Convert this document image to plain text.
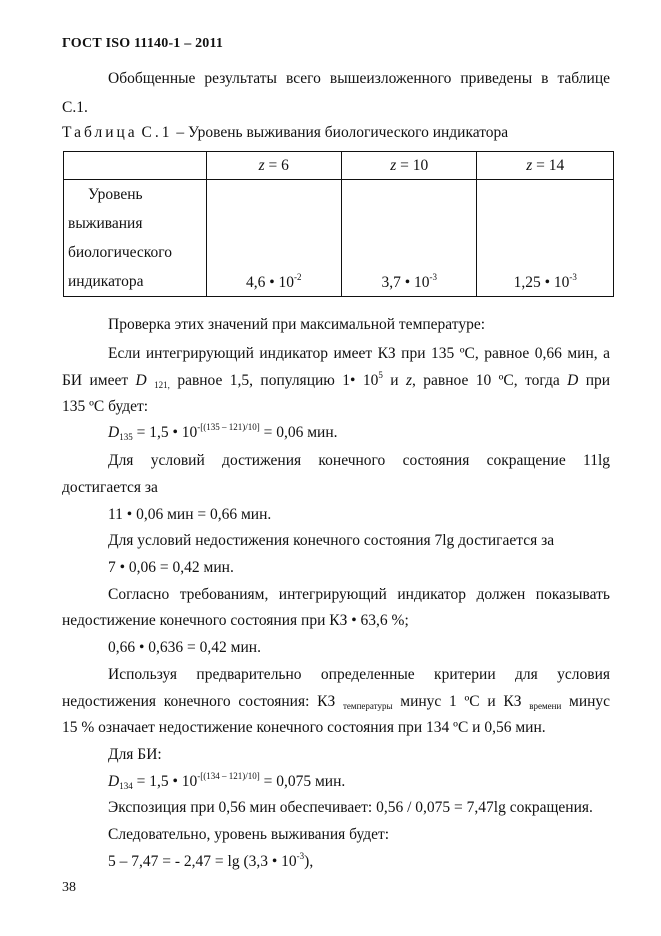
ГОСТ ISO 11140-1 – 2011
Обобщенные результаты всего вышеизложенного приведены в таблице
С.1.
Таблица С.1 – Уровень выживания биологического индикатора
	z = 6	z = 10	z = 14

Уровень
выживания
биологического
индикатора	4,6 • $10^{-2}$	3,7 • $10^{-3}$	1,25 • $10^{-3}$
Проверка этих значений при максимальной температуре:
Если интегрирующий индикатор имеет КЗ при 135 ºС, равное 0,66 мин, а
БИ имеет D $_{121,}$ равное 1,5, популяцию 1• $10^5$ и z, равное 10 ºС, тогда D при
135 ºС будет:
$D_{135} = 1,5$ • $10^{-[(135 - 121)/10]} = 0,06$ мин.
Для условий достижения конечного состояния сокращение 11lg
достигается за
11 • 0,06 мин = 0,66 мин.
Для условий недостижения конечного состояния 7lg достигается за
7 • 0,06 = 0,42 мин.
Согласно требованиям, интегрирующий индикатор должен показывать
недостижение конечного состояния при КЗ • 63,6 %;
0,66 • 0,636 = 0,42 мин.
Используя предварительно определенные критерии для условия
недостижения конечного состояния: КЗ $_{температуры}$ минус 1 ºС и КЗ $_{времени}$ минус
15 % означает недостижение конечного состояния при 134 ºС и 0,56 мин.
Для БИ:
$D_{134} = 1,5$ • $10^{-[(134 - 121)/10]} = 0,075$ мин.
Экспозиция при 0,56 мин обеспечивает: 0,56 / 0,075 = 7,47lg сокращения.
Следовательно, уровень выживания будет:
5 – 7,47 = - 2,47 = lg (3,3 • $10^{-3}$),
38
